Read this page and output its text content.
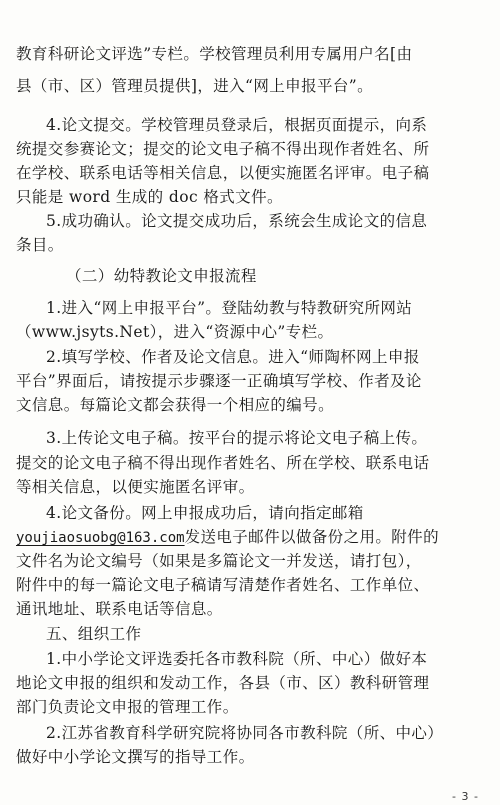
教育科研论文评选”专栏。学校管理员利用专属用户名[由
县（市、区）管理员提供]，进入“网上申报平台”。
4.论文提交。学校管理员登录后，根据页面提示，向系
统提交参赛论文；提交的论文电子稿不得出现作者姓名、所
在学校、联系电话等相关信息，以便实施匿名评审。电子稿
只能是 word 生成的 doc 格式文件。
5.成功确认。论文提交成功后，系统会生成论文的信息
条目。
（二）幼特教论文申报流程
1.进入“网上申报平台”。登陆幼教与特教研究所网站
（www.jsyts.Net），进入“资源中心”专栏。
2.填写学校、作者及论文信息。进入“师陶杯网上申报
平台”界面后，请按提示步骤逐一正确填写学校、作者及论
文信息。每篇论文都会获得一个相应的编号。
3.上传论文电子稿。按平台的提示将论文电子稿上传。
提交的论文电子稿不得出现作者姓名、所在学校、联系电话
等相关信息，以便实施匿名评审。
4.论文备份。网上申报成功后，请向指定邮箱
youjiaosuobg@163.com发送电子邮件以做备份之用。附件的
文件名为论文编号（如果是多篇论文一并发送，请打包），
附件中的每一篇论文电子稿请写清楚作者姓名、工作单位、
通讯地址、联系电话等信息。
五、组织工作
1.中小学论文评选委托各市教科院（所、中心）做好本
地论文申报的组织和发动工作，各县（市、区）教科研管理
部门负责论文申报的管理工作。
2.江苏省教育科学研究院将协同各市教科院（所、中心）
做好中小学论文撰写的指导工作。
- 3 -
